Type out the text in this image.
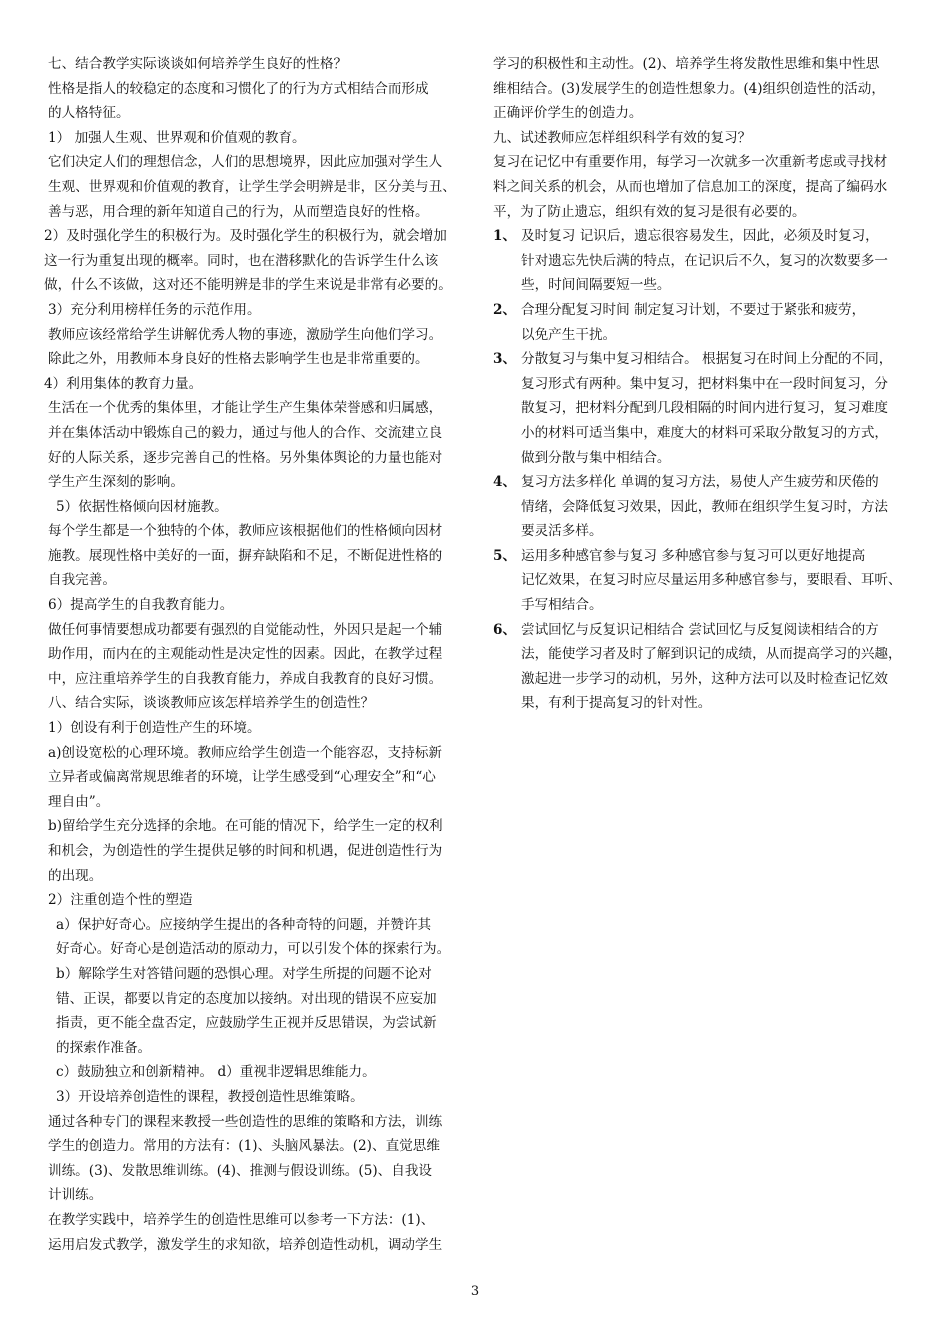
七、结合教学实际谈谈如何培养学生良好的性格？
性格是指人的较稳定的态度和习惯化了的行为方式相结合而形成
的人格特征。
1） 加强人生观、世界观和价值观的教育。
它们决定人们的理想信念，人们的思想境界，因此应加强对学生人
生观、世界观和价值观的教育，让学生学会明辨是非，区分美与丑、
善与恶，用合理的新年知道自己的行为，从而塑造良好的性格。
2）及时强化学生的积极行为。及时强化学生的积极行为，就会增加
这一行为重复出现的概率。同时，也在潜移默化的告诉学生什么该
做，什么不该做，这对还不能明辨是非的学生来说是非常有必要的。
3）充分利用榜样任务的示范作用。
教师应该经常给学生讲解优秀人物的事迹，激励学生向他们学习。
除此之外，用教师本身良好的性格去影响学生也是非常重要的。
4）利用集体的教育力量。
生活在一个优秀的集体里，才能让学生产生集体荣誉感和归属感，
并在集体活动中锻炼自己的毅力，通过与他人的合作、交流建立良
好的人际关系，逐步完善自己的性格。另外集体舆论的力量也能对
学生产生深刻的影响。
5）依据性格倾向因材施教。
每个学生都是一个独特的个体，教师应该根据他们的性格倾向因材
施教。展现性格中美好的一面，摒弃缺陷和不足，不断促进性格的
自我完善。
6）提高学生的自我教育能力。
做任何事情要想成功都要有强烈的自觉能动性，外因只是起一个辅
助作用，而内在的主观能动性是决定性的因素。因此，在教学过程
中，应注重培养学生的自我教育能力，养成自我教育的良好习惯。
八、结合实际，谈谈教师应该怎样培养学生的创造性？
1）创设有利于创造性产生的环境。
a)创设宽松的心理环境。教师应给学生创造一个能容忍，支持标新
立异者或偏离常规思维者的环境，让学生感受到“心理安全”和“心
理自由”。
b)留给学生充分选择的余地。在可能的情况下，给学生一定的权利
和机会，为创造性的学生提供足够的时间和机遇，促进创造性行为
的出现。
2）注重创造个性的塑造
a）保护好奇心。应接纳学生提出的各种奇特的问题，并赞许其
好奇心。好奇心是创造活动的原动力，可以引发个体的探索行为。
b）解除学生对答错问题的恐惧心理。对学生所提的问题不论对
错、正误，都要以肯定的态度加以接纳。对出现的错误不应妄加
指责，更不能全盘否定，应鼓励学生正视并反思错误，为尝试新
的探索作准备。
c）鼓励独立和创新精神。 d）重视非逻辑思维能力。
3）开设培养创造性的课程，教授创造性思维策略。
通过各种专门的课程来教授一些创造性的思维的策略和方法，训练
学生的创造力。常用的方法有：(1)、头脑风暴法。(2)、直觉思维
训练。(3)、发散思维训练。(4)、推测与假设训练。(5)、自我设
计训练。
在教学实践中，培养学生的创造性思维可以参考一下方法：(1)、
运用启发式教学，激发学生的求知欲，培养创造性动机，调动学生
学习的积极性和主动性。(2)、培养学生将发散性思维和集中性思
维相结合。(3)发展学生的创造性想象力。(4)组织创造性的活动，
正确评价学生的创造力。
九、试述教师应怎样组织科学有效的复习？
复习在记忆中有重要作用，每学习一次就多一次重新考虑或寻找材
料之间关系的机会，从而也增加了信息加工的深度，提高了编码水
平，为了防止遗忘，组织有效的复习是很有必要的。
1、 及时复习 记识后，遗忘很容易发生，因此，必须及时复习，
针对遗忘先快后满的特点，在记识后不久，复习的次数要多一
些，时间间隔要短一些。
2、 合理分配复习时间 制定复习计划，不要过于紧张和疲劳，
以免产生干扰。
3、 分散复习与集中复习相结合。 根据复习在时间上分配的不同，
复习形式有两种。集中复习，把材料集中在一段时间复习，分
散复习，把材料分配到几段相隔的时间内进行复习，复习难度
小的材料可适当集中，难度大的材料可采取分散复习的方式，
做到分散与集中相结合。
4、 复习方法多样化 单调的复习方法，易使人产生疲劳和厌倦的
情绪，会降低复习效果，因此，教师在组织学生复习时，方法
要灵活多样。
5、 运用多种感官参与复习 多种感官参与复习可以更好地提高
记忆效果，在复习时应尽量运用多种感官参与，要眼看、耳听、
手写相结合。
6、 尝试回忆与反复识记相结合 尝试回忆与反复阅读相结合的方
法，能使学习者及时了解到识记的成绩，从而提高学习的兴趣，
激起进一步学习的动机，另外，这种方法可以及时检查记忆效
果，有利于提高复习的针对性。
3
